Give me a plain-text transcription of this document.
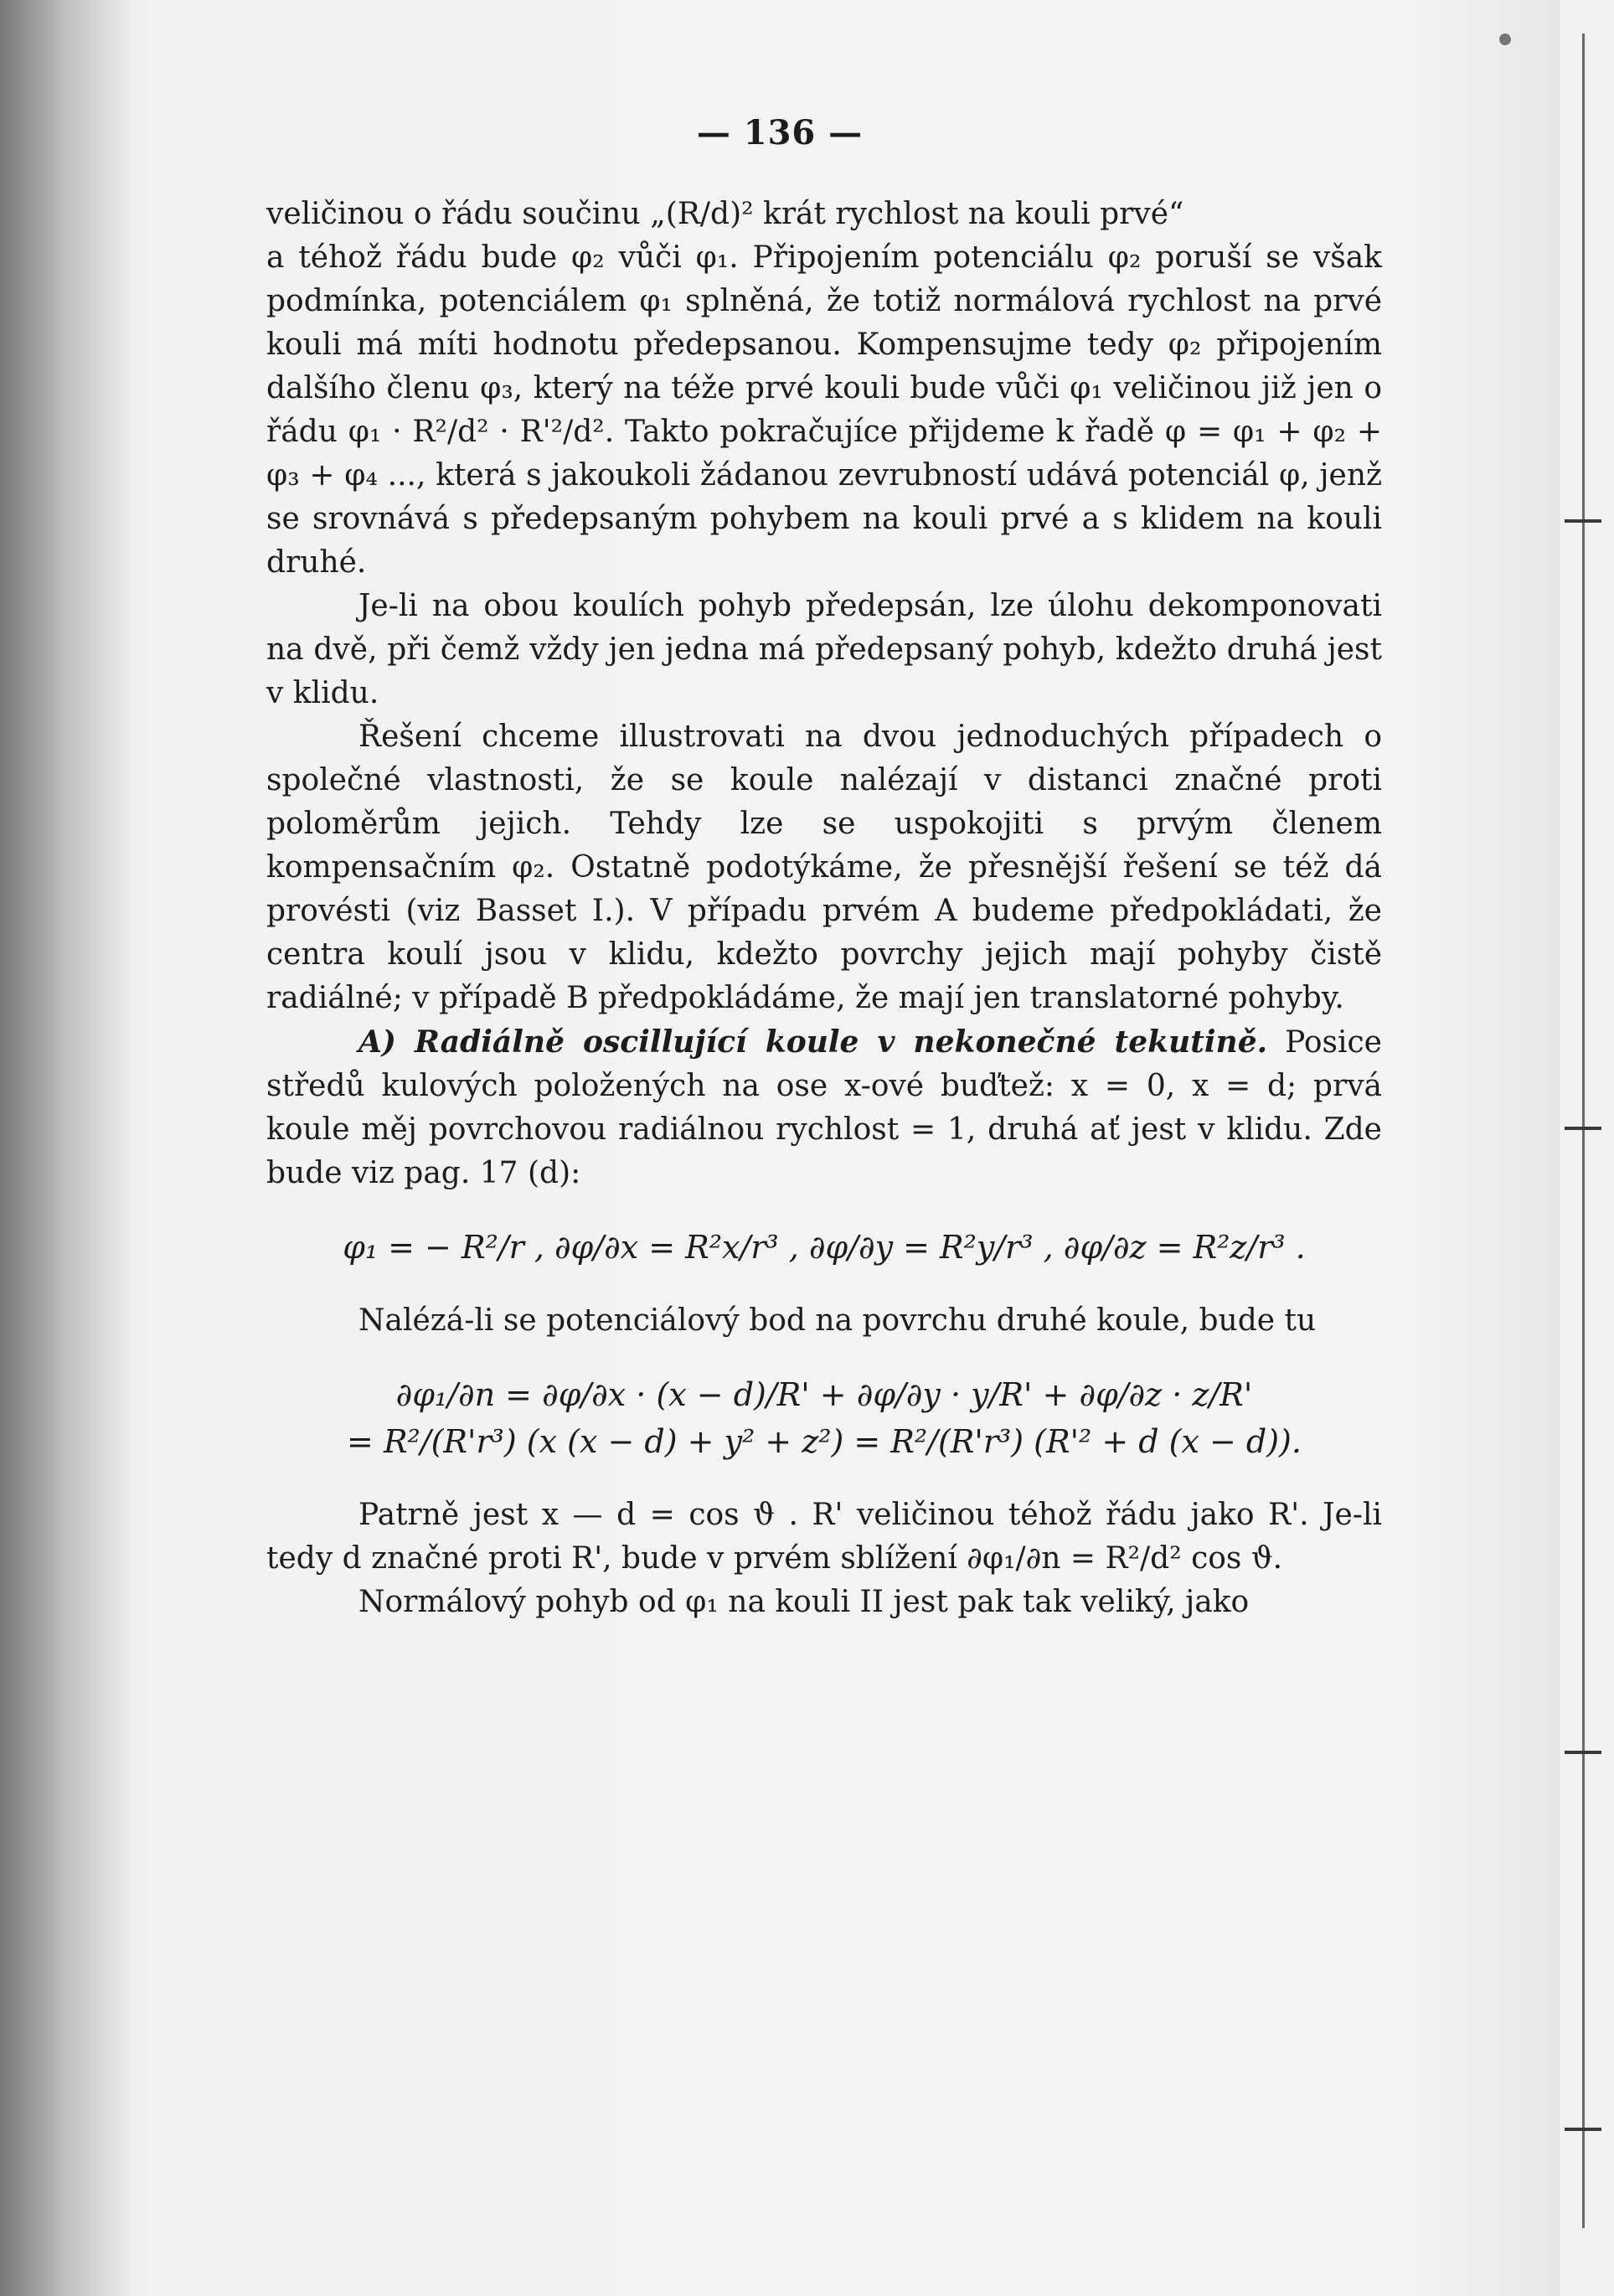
— 136 —

veličinou o řádu součinu „(R/d)² krát rychlost na kouli prvé“
a téhož řádu bude φ₂ vůči φ₁. Připojením potenciálu φ₂ poruší se však podmínka, potenciálem φ₁ splněná, že totiž normálová rychlost na prvé kouli má míti hodnotu předepsanou. Kompensujme tedy φ₂ připojením dalšího členu φ₃, který na téže prvé kouli bude vůči φ₁ veličinou již jen o řádu φ₁ · R²/d² · R'²/d². Takto pokračujíce přijdeme k řadě φ = φ₁ + φ₂ + φ₃ + φ₄ ..., která s jakoukoli žádanou zevrubností udává potenciál φ, jenž se srovnává s předepsaným pohybem na kouli prvé a s klidem na kouli druhé.

Je-li na obou koulích pohyb předepsán, lze úlohu dekomponovati na dvě, při čemž vždy jen jedna má předepsaný pohyb, kdežto druhá jest v klidu.

Řešení chceme illustrovati na dvou jednoduchých případech o společné vlastnosti, že se koule nalézají v distanci značné proti poloměrům jejich. Tehdy lze se uspokojiti s prvým členem kompensačním φ₂. Ostatně podotýkáme, že přesnější řešení se též dá provésti (viz Basset I.). V případu prvém A budeme předpokládati, že centra koulí jsou v klidu, kdežto povrchy jejich mají pohyby čistě radiálné; v případě B předpokládáme, že mají jen translatorné pohyby.

A) Radiálně oscillující koule v nekonečné tekutině. Posice středů kulových položených na ose x-ové buďtež: x = 0, x = d; prvá koule měj povrchovou radiálnou rychlost = 1, druhá ať jest v klidu. Zde bude viz pag. 17 (d):

φ₁ = − R²/r , ∂φ/∂x = R²x/r³ , ∂φ/∂y = R²y/r³ , ∂φ/∂z = R²z/r³ .

Nalézá-li se potenciálový bod na povrchu druhé koule, bude tu

∂φ₁/∂n = ∂φ/∂x · (x − d)/R' + ∂φ/∂y · y/R' + ∂φ/∂z · z/R'
= R²/(R'r³) (x (x − d) + y² + z²) = R²/(R'r³) (R'² + d (x − d)).

Patrně jest x — d = cos ϑ . R' veličinou téhož řádu jako R'. Je-li tedy d značné proti R', bude v prvém sblížení ∂φ₁/∂n = R²/d² cos ϑ.

Normálový pohyb od φ₁ na kouli II jest pak tak veliký, jako
